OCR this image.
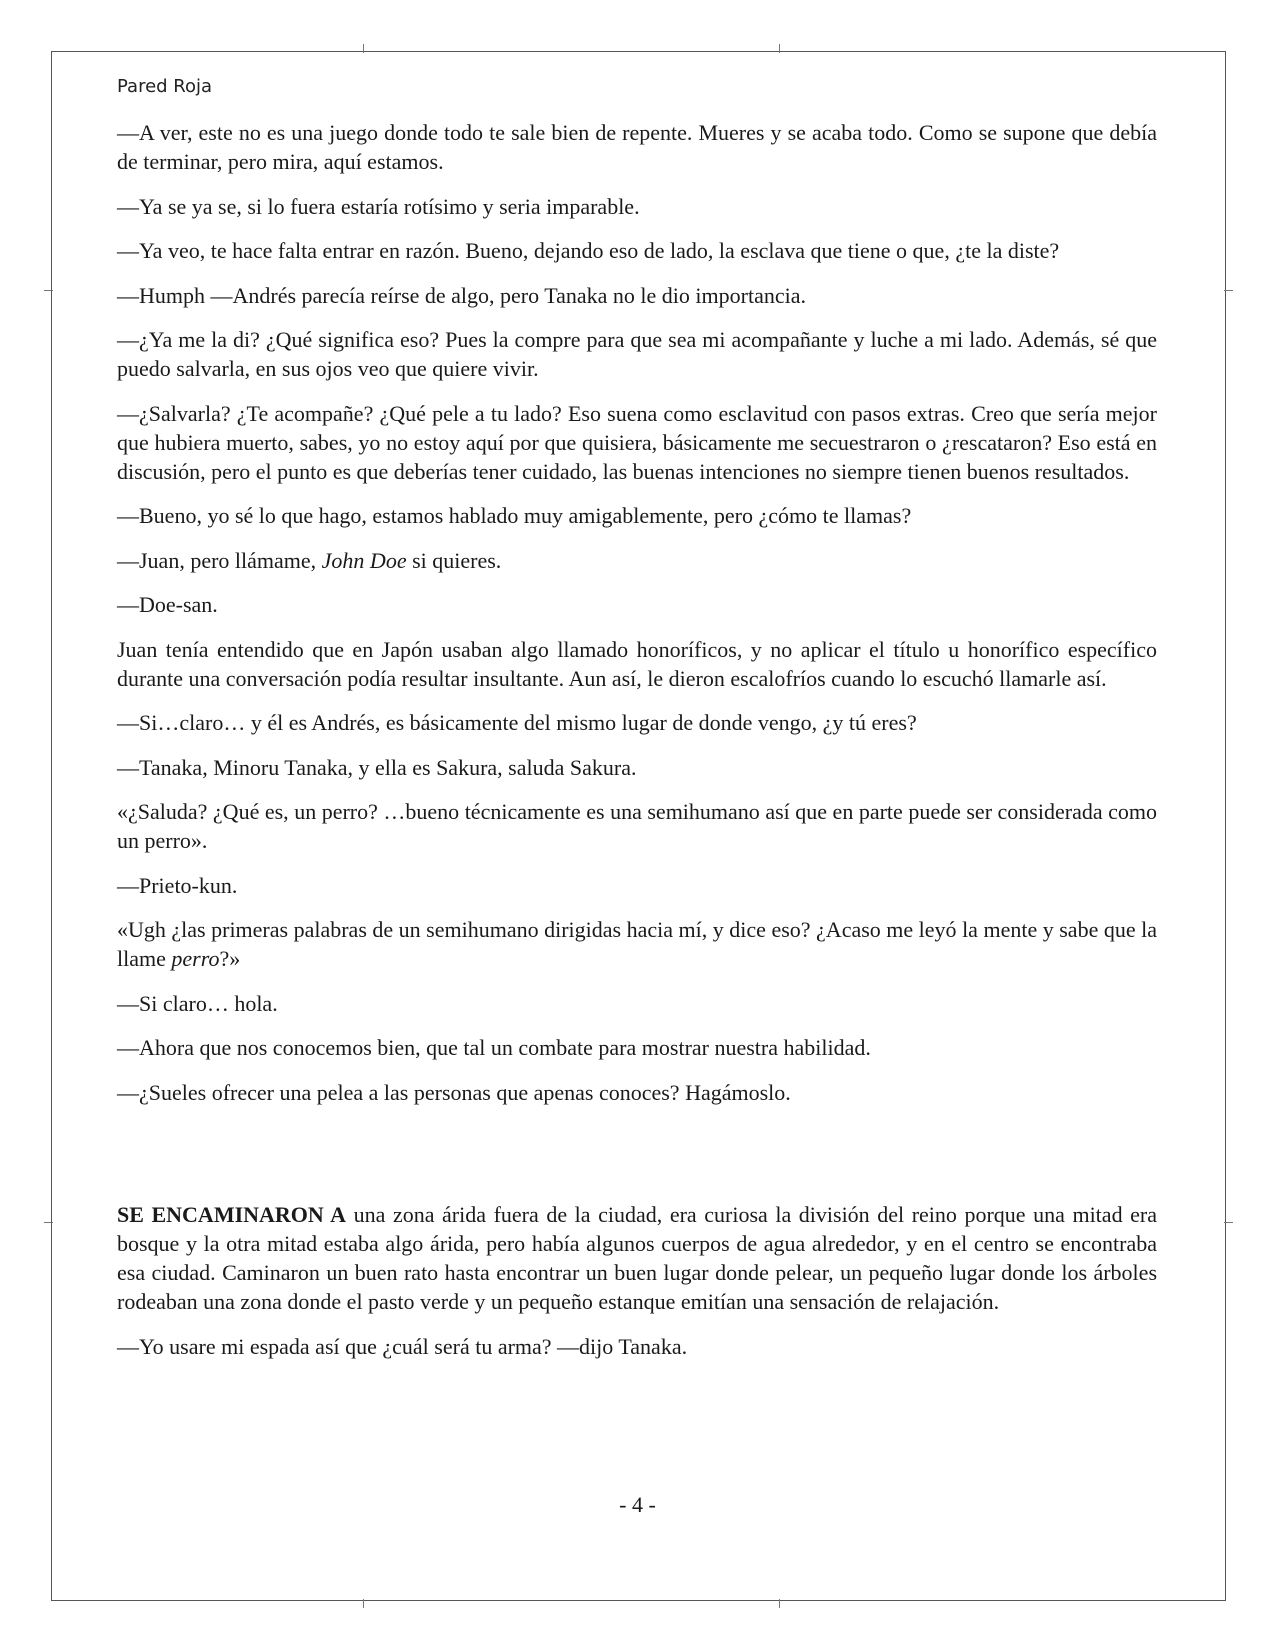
Pared Roja

—A ver, este no es una juego donde todo te sale bien de repente. Mueres y se acaba todo. Como se supone que debía de terminar, pero mira, aquí estamos.

—Ya se ya se, si lo fuera estaría rotísimo y seria imparable.

—Ya veo, te hace falta entrar en razón. Bueno, dejando eso de lado, la esclava que tiene o que, ¿te la diste?

—Humph —Andrés parecía reírse de algo, pero Tanaka no le dio importancia.

—¿Ya me la di? ¿Qué significa eso? Pues la compre para que sea mi acompañante y luche a mi lado. Además, sé que puedo salvarla, en sus ojos veo que quiere vivir.

—¿Salvarla? ¿Te acompañe? ¿Qué pele a tu lado? Eso suena como esclavitud con pasos extras. Creo que sería mejor que hubiera muerto, sabes, yo no estoy aquí por que quisiera, básicamente me secuestraron o ¿rescataron? Eso está en discusión, pero el punto es que deberías tener cuidado, las buenas intenciones no siempre tienen buenos resultados.

—Bueno, yo sé lo que hago, estamos hablado muy amigablemente, pero ¿cómo te llamas?

—Juan, pero llámame, John Doe si quieres.

—Doe-san.

Juan tenía entendido que en Japón usaban algo llamado honoríficos, y no aplicar el título u honorífico específico durante una conversación podía resultar insultante. Aun así, le dieron escalofríos cuando lo escuchó llamarle así.

—Si…claro… y él es Andrés, es básicamente del mismo lugar de donde vengo, ¿y tú eres?

—Tanaka, Minoru Tanaka, y ella es Sakura, saluda Sakura.

«¿Saluda? ¿Qué es, un perro? …bueno técnicamente es una semihumano así que en parte puede ser considerada como un perro».

—Prieto-kun.

«Ugh ¿las primeras palabras de un semihumano dirigidas hacia mí, y dice eso? ¿Acaso me leyó la mente y sabe que la llame perro?»

—Si claro… hola.

—Ahora que nos conocemos bien, que tal un combate para mostrar nuestra habilidad.

—¿Sueles ofrecer una pelea a las personas que apenas conoces? Hagámoslo.

SE ENCAMINARON A una zona árida fuera de la ciudad, era curiosa la división del reino porque una mitad era bosque y la otra mitad estaba algo árida, pero había algunos cuerpos de agua alrededor, y en el centro se encontraba esa ciudad. Caminaron un buen rato hasta encontrar un buen lugar donde pelear, un pequeño lugar donde los árboles rodeaban una zona donde el pasto verde y un pequeño estanque emitían una sensación de relajación.

—Yo usare mi espada así que ¿cuál será tu arma? —dijo Tanaka.

- 4 -
